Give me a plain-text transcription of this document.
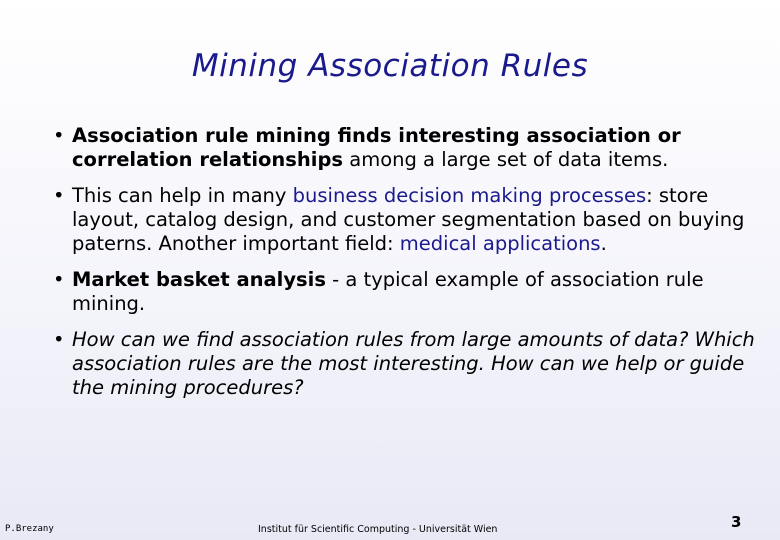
Mining Association Rules
• Association rule mining finds interesting association or correlation relationships among a large set of data items.
• This can help in many business decision making processes: store layout, catalog design, and customer segmentation based on buying paterns. Another important field: medical applications.
• Market basket analysis - a typical example of association rule mining.
• How can we find association rules from large amounts of data? Which association rules are the most interesting. How can we help or guide the mining procedures?
P.Brezany	Institut für Scientific Computing - Universität Wien	3
